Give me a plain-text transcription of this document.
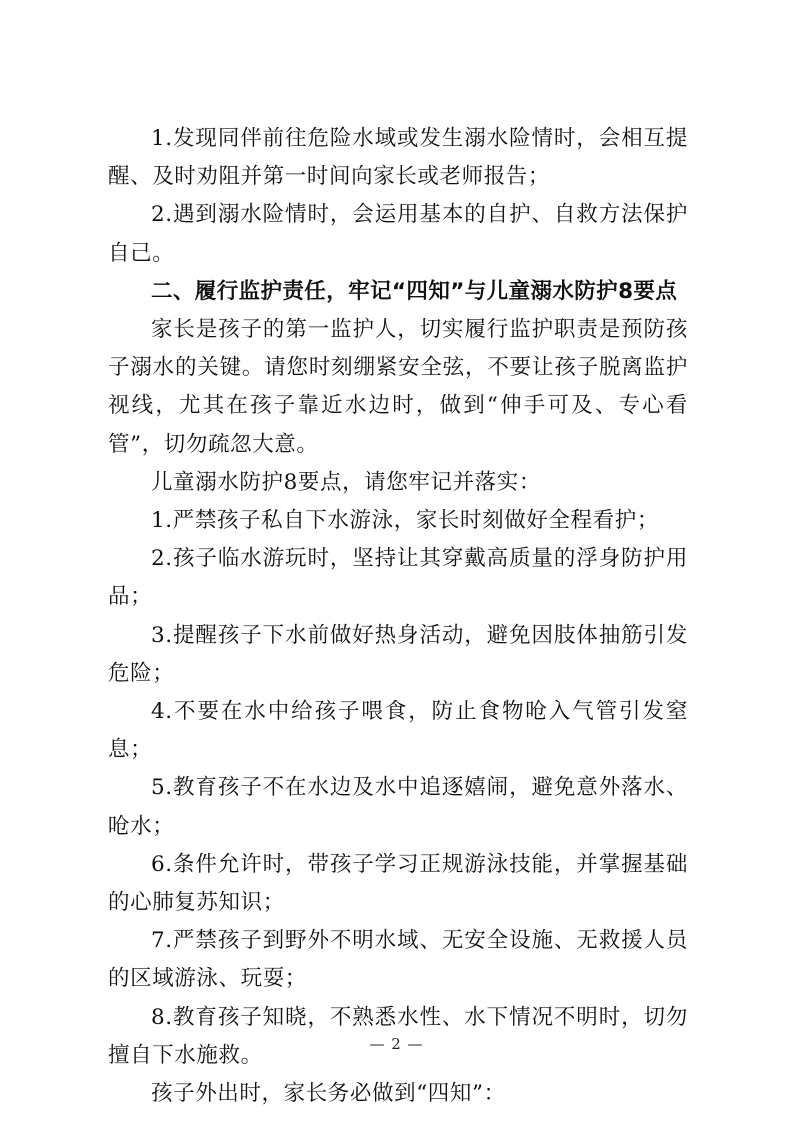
1.发现同伴前往危险水域或发生溺水险情时，会相互提醒、及时劝阻并第一时间向家长或老师报告；

2.遇到溺水险情时，会运用基本的自护、自救方法保护自己。

二、履行监护责任，牢记“四知”与儿童溺水防护8要点

家长是孩子的第一监护人，切实履行监护职责是预防孩子溺水的关键。请您时刻绷紧安全弦，不要让孩子脱离监护视线，尤其在孩子靠近水边时，做到“伸手可及、专心看管”，切勿疏忽大意。

儿童溺水防护8要点，请您牢记并落实：

1.严禁孩子私自下水游泳，家长时刻做好全程看护；

2.孩子临水游玩时，坚持让其穿戴高质量的浮身防护用品；

3.提醒孩子下水前做好热身活动，避免因肢体抽筋引发危险；

4.不要在水中给孩子喂食，防止食物呛入气管引发窒息；

5.教育孩子不在水边及水中追逐嬉闹，避免意外落水、呛水；

6.条件允许时，带孩子学习正规游泳技能，并掌握基础的心肺复苏知识；

7.严禁孩子到野外不明水域、无安全设施、无救援人员的区域游泳、玩耍；

8.教育孩子知晓，不熟悉水性、水下情况不明时，切勿擅自下水施救。

孩子外出时，家长务必做到“四知”：

— 2 —
